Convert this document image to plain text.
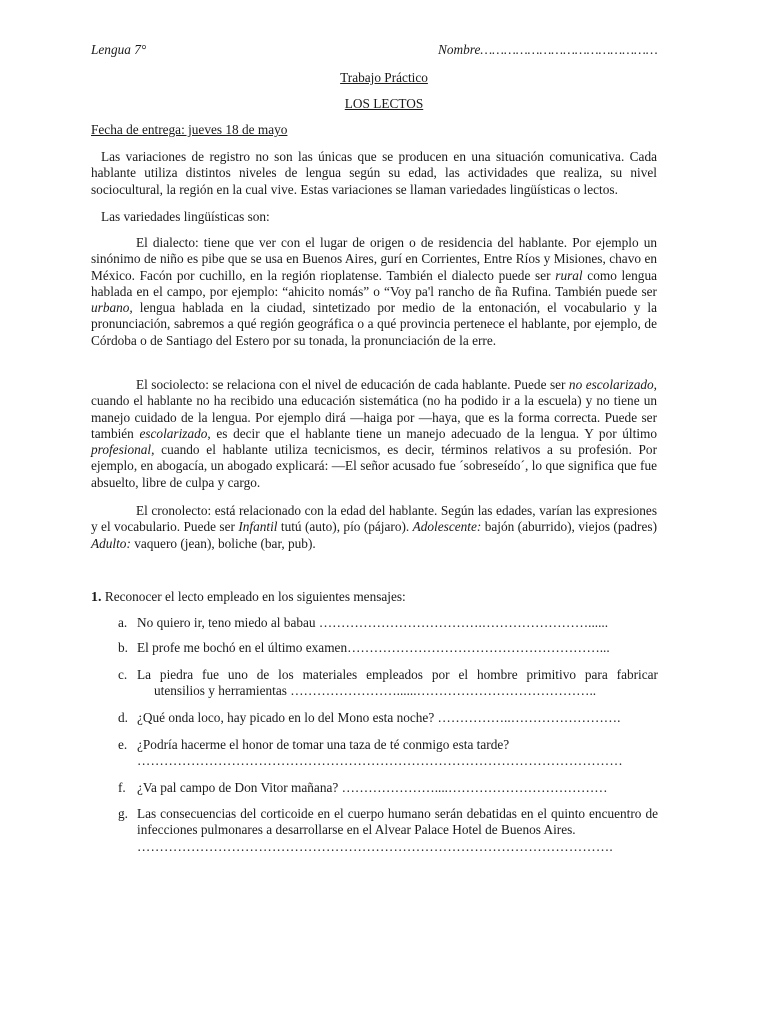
Lengua 7°	Nombre………………………………………
Trabajo Práctico
LOS LECTOS
Fecha de entrega: jueves 18 de mayo

Las variaciones de registro no son las únicas que se producen en una situación comunicativa. Cada hablante utiliza distintos niveles de lengua según su edad, las actividades que realiza, su nivel sociocultural, la región en la cual vive. Estas variaciones se llaman variedades lingüísticas o lectos.

Las variedades lingüísticas son:

El dialecto: tiene que ver con el lugar de origen o de residencia del hablante. Por ejemplo un sinónimo de niño es pibe que se usa en Buenos Aires, gurí en Corrientes, Entre Ríos y Misiones, chavo en México. Facón por cuchillo, en la región rioplatense. También el dialecto puede ser rural como lengua hablada en el campo, por ejemplo: “ahicito nomás” o “Voy pa'l rancho de ña Rufina. También puede ser urbano, lengua hablada en la ciudad, sintetizado por medio de la entonación, el vocabulario y la pronunciación, sabremos a qué región geográfica o a qué provincia pertenece el hablante, por ejemplo, de Córdoba o de Santiago del Estero por su tonada, la pronunciación de la erre.

El sociolecto: se relaciona con el nivel de educación de cada hablante. Puede ser no escolarizado, cuando el hablante no ha recibido una educación sistemática (no ha podido ir a la escuela) y no tiene un manejo cuidado de la lengua. Por ejemplo dirá —haiga por —haya, que es la forma correcta. Puede ser también escolarizado, es decir que el hablante tiene un manejo adecuado de la lengua. Y por último profesional, cuando el hablante utiliza tecnicismos, es decir, términos relativos a su profesión. Por ejemplo, en abogacía, un abogado explicará: —El señor acusado fue ´sobreseído´, lo que significa que fue absuelto, libre de culpa y cargo.

El cronolecto: está relacionado con la edad del hablante. Según las edades, varían las expresiones y el vocabulario. Puede ser Infantil tutú (auto), pío (pájaro). Adolescente: bajón (aburrido), viejos (padres) Adulto: vaquero (jean), boliche (bar, pub).

1. Reconocer el lecto empleado en los siguientes mensajes:
a. No quiero ir, teno miedo al babau ……………………………….……………………......
b. El profe me bochó en el último examen…………………………………………………...
c. La piedra fue uno de los materiales empleados por el hombre primitivo para fabricar
utensilios y herramientas ……………………......…………………………………..
d. ¿Qué onda loco, hay picado en lo del Mono esta noche? ……………..…………………….
e. ¿Podría hacerme el honor de tomar una taza de té conmigo esta tarde?
………………………………………………………………………………………………
f. ¿Va pal campo de Don Vitor mañana? …………………....………………………………
g. Las consecuencias del corticoide en el cuerpo humano serán debatidas en el quinto encuentro de infecciones pulmonares a desarrollarse en el Alvear Palace Hotel de Buenos Aires.
…………………………………………………………………………………………….
